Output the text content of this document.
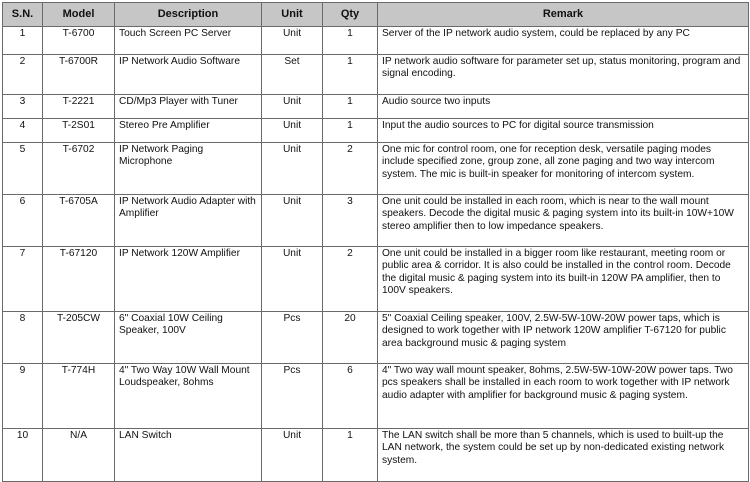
S.N.	Model	Description	Unit	Qty	Remark
1	T-6700	Touch Screen PC Server	Unit	1	Server of the IP network audio system, could be replaced by any PC
2	T-6700R	IP Network Audio Software	Set	1	IP network audio software for parameter set up, status monitoring, program and signal encoding.
3	T-2221	CD/Mp3 Player with Tuner	Unit	1	Audio source two inputs
4	T-2S01	Stereo Pre Amplifier	Unit	1	Input the audio sources to PC for digital source transmission
5	T-6702	IP Network Paging Microphone	Unit	2	One mic for control room, one for reception desk, versatile paging modes include specified zone, group zone, all zone paging and two way intercom system. The mic is built-in speaker for monitoring of intercom system.
6	T-6705A	IP Network Audio Adapter with Amplifier	Unit	3	One unit could be installed in each room, which is near to the wall mount speakers. Decode the digital music & paging system into its built-in 10W+10W stereo amplifier then to low impedance speakers.
7	T-67120	IP Network 120W Amplifier	Unit	2	One unit could be installed in a bigger room like restaurant, meeting room or public area & corridor. It is also could be installed in the control room. Decode the digital music & paging system into its built-in 120W PA amplifier, then to 100V speakers.
8	T-205CW	6" Coaxial 10W Ceiling Speaker, 100V	Pcs	20	5" Coaxial Ceiling speaker, 100V, 2.5W-5W-10W-20W power taps, which is designed to work together with IP network 120W amplifier T-67120 for public area background music & paging system
9	T-774H	4" Two Way 10W Wall Mount Loudspeaker, 8ohms	Pcs	6	4" Two way wall mount speaker, 8ohms, 2.5W-5W-10W-20W power taps. Two pcs speakers shall be installed in each room to work together with IP network audio adapter with amplifier for background music & paging system.
10	N/A	LAN Switch	Unit	1	The LAN switch shall be more than 5 channels, which is used to built-up the LAN network, the system could be set up by non-dedicated existing network system.
